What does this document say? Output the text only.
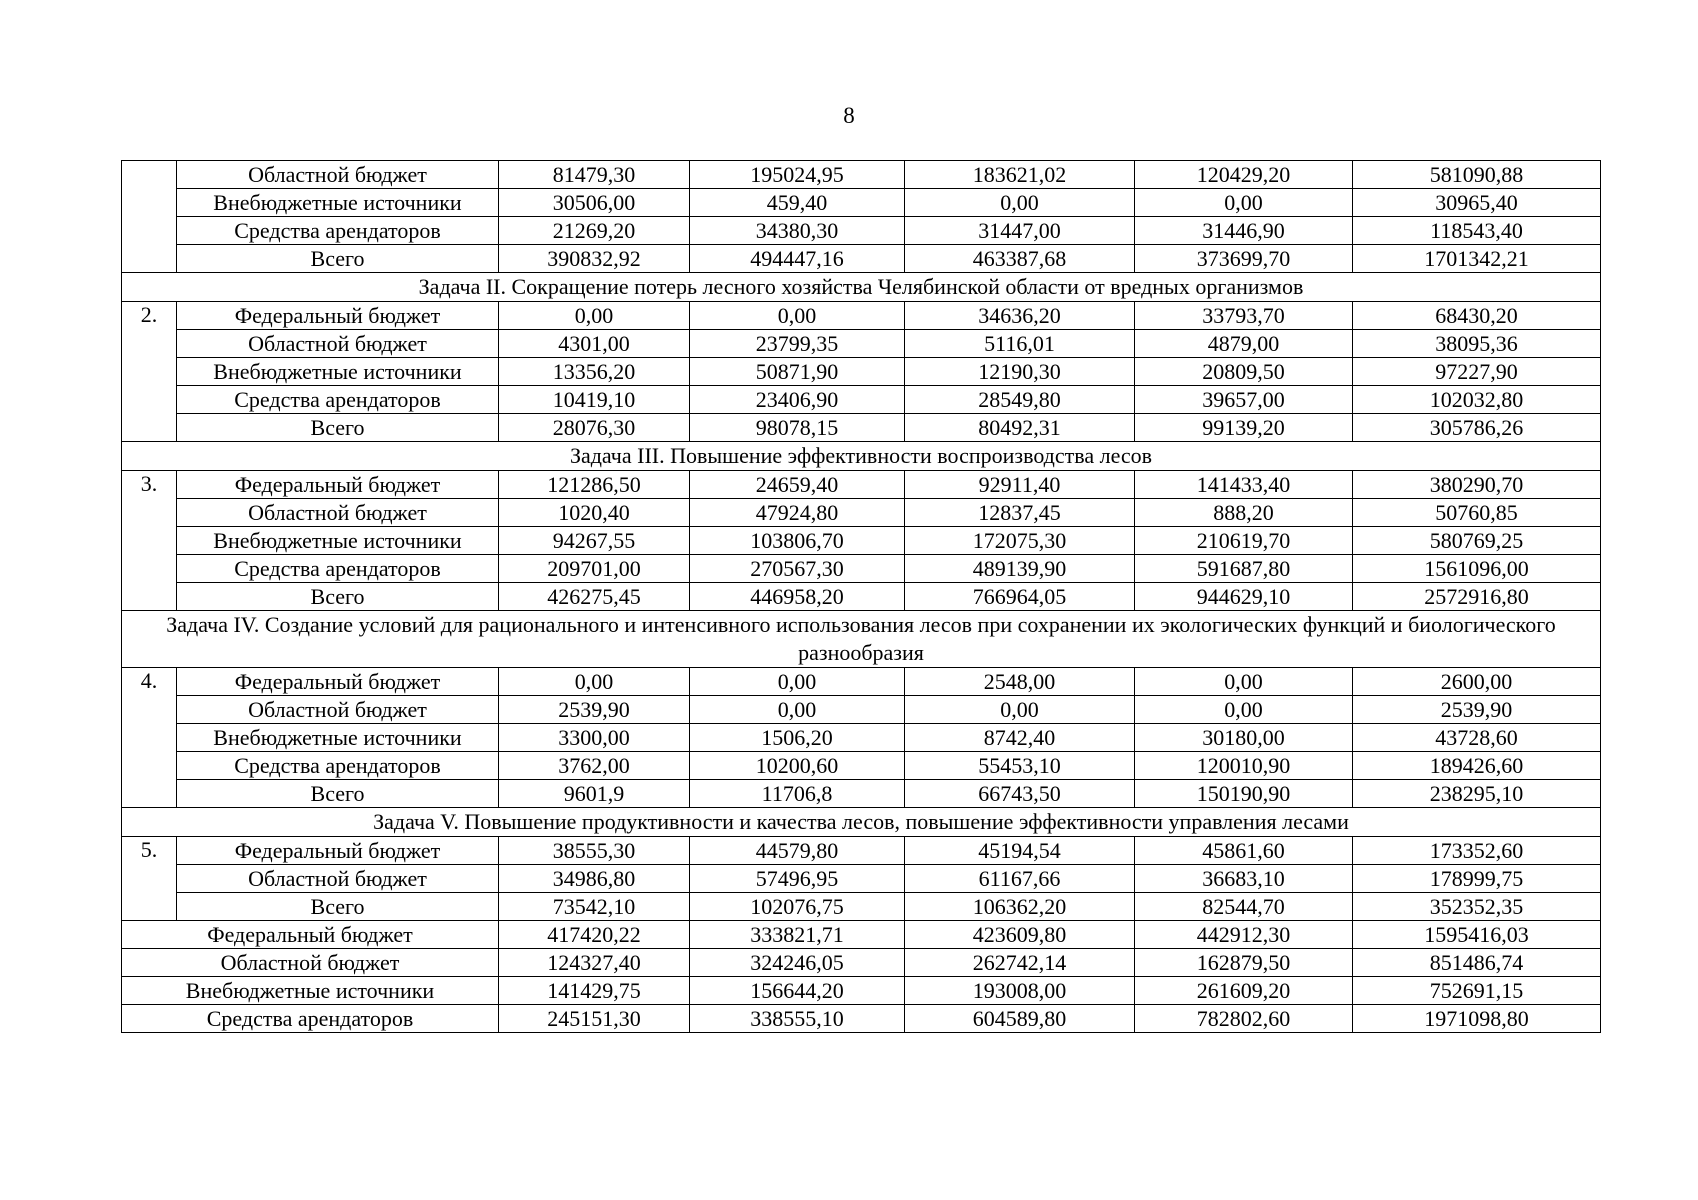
8
	Областной бюджет	81479,30	195024,95	183621,02	120429,20	581090,88
	Внебюджетные источники	30506,00	459,40	0,00	0,00	30965,40
	Средства арендаторов	21269,20	34380,30	31447,00	31446,90	118543,40
	Всего	390832,92	494447,16	463387,68	373699,70	1701342,21
Задача II. Сокращение потерь лесного хозяйства Челябинской области от вредных организмов						
2.	Федеральный бюджет	0,00	0,00	34636,20	33793,70	68430,20
	Областной бюджет	4301,00	23799,35	5116,01	4879,00	38095,36
	Внебюджетные источники	13356,20	50871,90	12190,30	20809,50	97227,90
	Средства арендаторов	10419,10	23406,90	28549,80	39657,00	102032,80
	Всего	28076,30	98078,15	80492,31	99139,20	305786,26
Задача III. Повышение эффективности воспроизводства лесов						
3.	Федеральный бюджет	121286,50	24659,40	92911,40	141433,40	380290,70
	Областной бюджет	1020,40	47924,80	12837,45	888,20	50760,85
	Внебюджетные источники	94267,55	103806,70	172075,30	210619,70	580769,25
	Средства арендаторов	209701,00	270567,30	489139,90	591687,80	1561096,00
	Всего	426275,45	446958,20	766964,05	944629,10	2572916,80
Задача IV. Создание условий для рационального и интенсивного использования лесов при сохранении их экологических функций и биологического разнообразия						
4.	Федеральный бюджет	0,00	0,00	2548,00	0,00	2600,00
	Областной бюджет	2539,90	0,00	0,00	0,00	2539,90
	Внебюджетные источники	3300,00	1506,20	8742,40	30180,00	43728,60
	Средства арендаторов	3762,00	10200,60	55453,10	120010,90	189426,60
	Всего	9601,9	11706,8	66743,50	150190,90	238295,10
Задача V. Повышение продуктивности и качества лесов, повышение эффективности управления лесами						
5.	Федеральный бюджет	38555,30	44579,80	45194,54	45861,60	173352,60
	Областной бюджет	34986,80	57496,95	61167,66	36683,10	178999,75
	Всего	73542,10	102076,75	106362,20	82544,70	352352,35
Федеральный бюджет		417420,22	333821,71	423609,80	442912,30	1595416,03
Областной бюджет		124327,40	324246,05	262742,14	162879,50	851486,74
Внебюджетные источники		141429,75	156644,20	193008,00	261609,20	752691,15
Средства арендаторов		245151,30	338555,10	604589,80	782802,60	1971098,80
